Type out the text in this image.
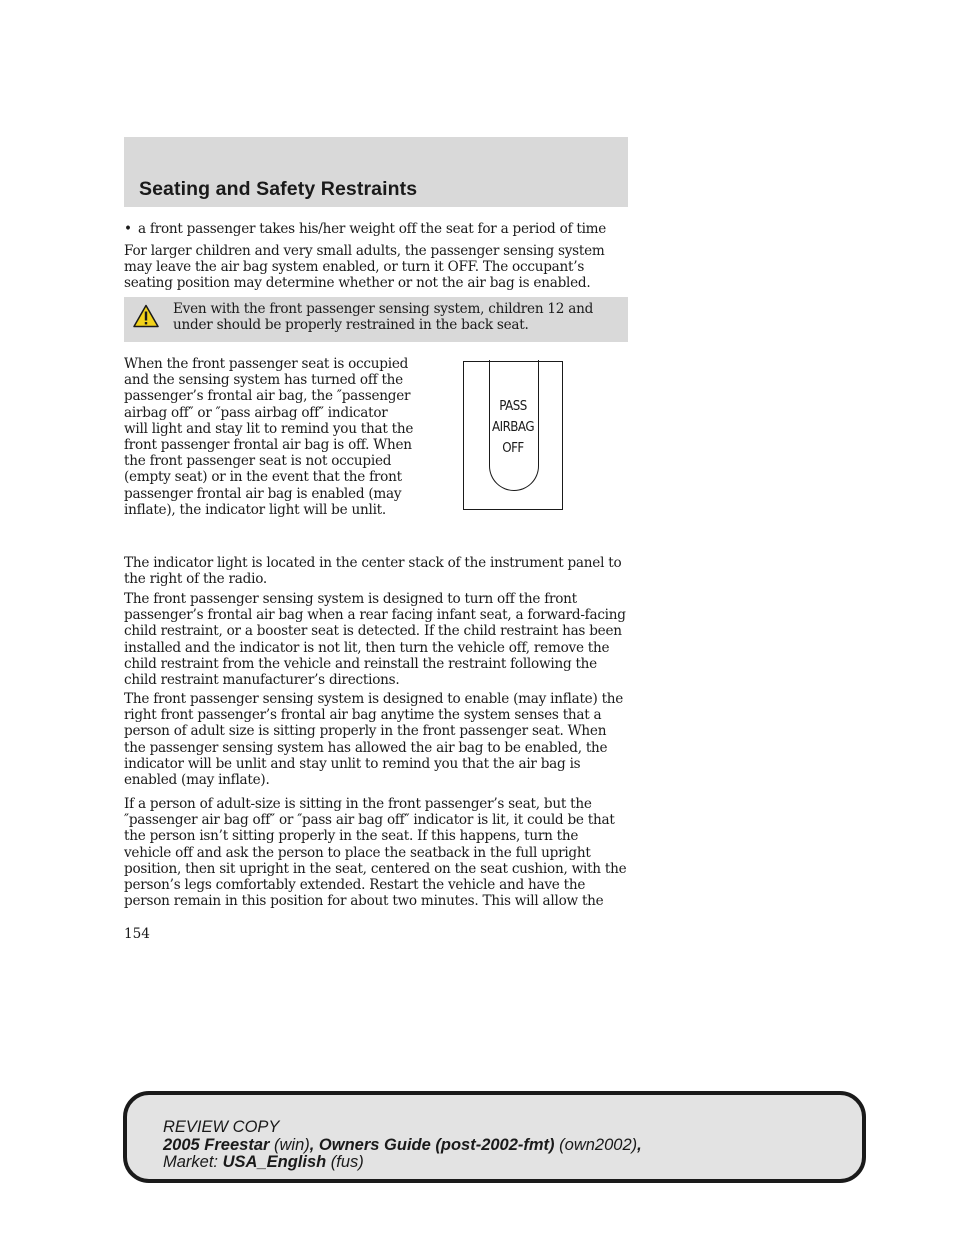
Seating and Safety Restraints
• a front passenger takes his/her weight off the seat for a period of time

For larger children and very small adults, the passenger sensing system may leave the air bag system enabled, or turn it OFF. The occupant’s seating position may determine whether or not the air bag is enabled.

Even with the front passenger sensing system, children 12 and under should be properly restrained in the back seat.

When the front passenger seat is occupied and the sensing system has turned off the passenger’s frontal air bag, the ″passenger airbag off″ or ″pass airbag off″ indicator will light and stay lit to remind you that the front passenger frontal air bag is off. When the front passenger seat is not occupied (empty seat) or in the event that the front passenger frontal air bag is enabled (may inflate), the indicator light will be unlit.

PASS
AIRBAG
OFF

The indicator light is located in the center stack of the instrument panel to the right of the radio.

The front passenger sensing system is designed to turn off the front passenger’s frontal air bag when a rear facing infant seat, a forward-facing child restraint, or a booster seat is detected. If the child restraint has been installed and the indicator is not lit, then turn the vehicle off, remove the child restraint from the vehicle and reinstall the restraint following the child restraint manufacturer’s directions.

The front passenger sensing system is designed to enable (may inflate) the right front passenger’s frontal air bag anytime the system senses that a person of adult size is sitting properly in the front passenger seat. When the passenger sensing system has allowed the air bag to be enabled, the indicator will be unlit and stay unlit to remind you that the air bag is enabled (may inflate).

If a person of adult-size is sitting in the front passenger’s seat, but the ″passenger air bag off″ or ″pass air bag off″ indicator is lit, it could be that the person isn’t sitting properly in the seat. If this happens, turn the vehicle off and ask the person to place the seatback in the full upright position, then sit upright in the seat, centered on the seat cushion, with the person’s legs comfortably extended. Restart the vehicle and have the person remain in this position for about two minutes. This will allow the

154

REVIEW COPY
2005 Freestar (win), Owners Guide (post-2002-fmt) (own2002),
Market: USA_English (fus)
